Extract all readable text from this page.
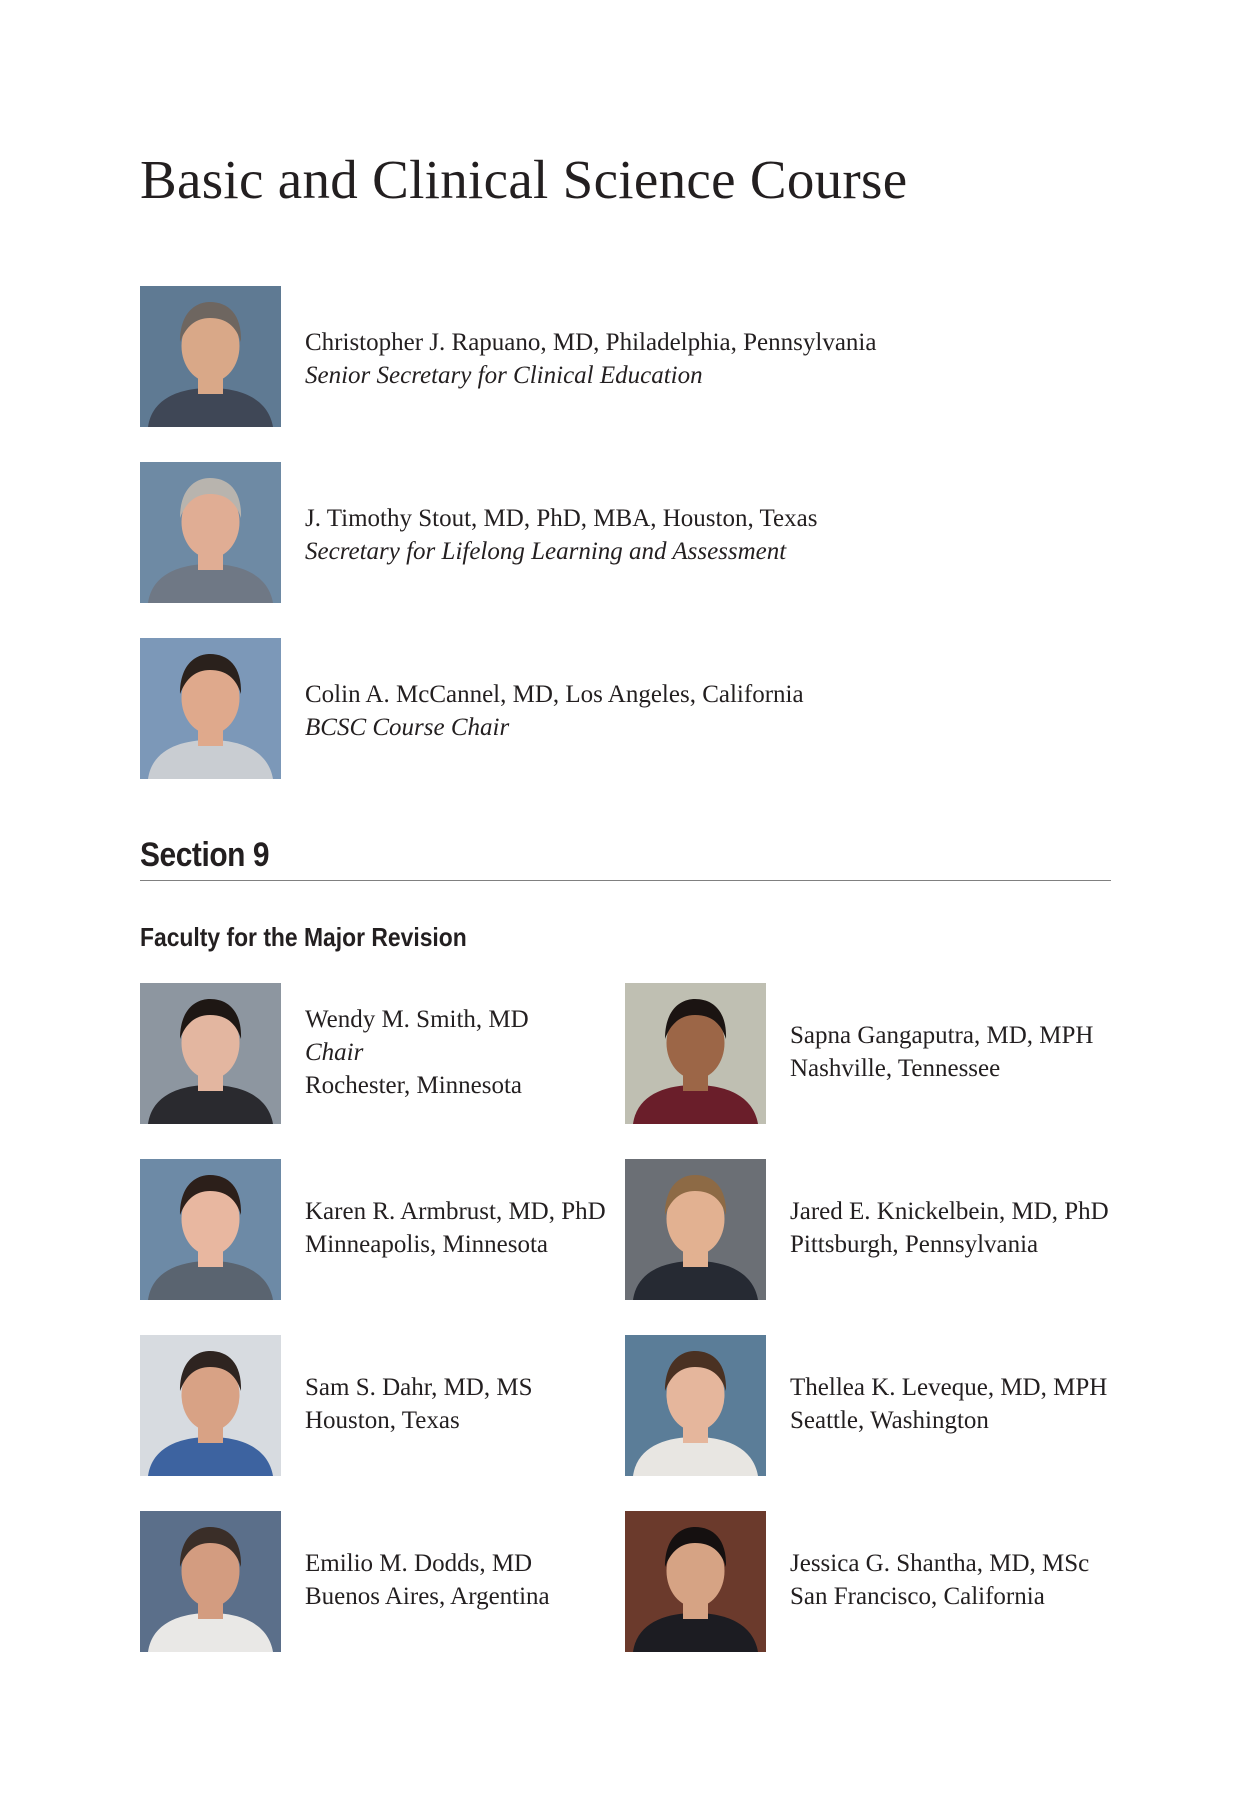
Basic and Clinical Science Course
Christopher J. Rapuano, MD, Philadelphia, Pennsylvania
Senior Secretary for Clinical Education
J. Timothy Stout, MD, PhD, MBA, Houston, Texas
Secretary for Lifelong Learning and Assessment
Colin A. McCannel, MD, Los Angeles, California
BCSC Course Chair
Section 9
Faculty for the Major Revision
Wendy M. Smith, MD
Chair
Rochester, Minnesota
Sapna Gangaputra, MD, MPH
Nashville, Tennessee
Karen R. Armbrust, MD, PhD
Minneapolis, Minnesota
Jared E. Knickelbein, MD, PhD
Pittsburgh, Pennsylvania
Sam S. Dahr, MD, MS
Houston, Texas
Thellea K. Leveque, MD, MPH
Seattle, Washington
Emilio M. Dodds, MD
Buenos Aires, Argentina
Jessica G. Shantha, MD, MSc
San Francisco, California
